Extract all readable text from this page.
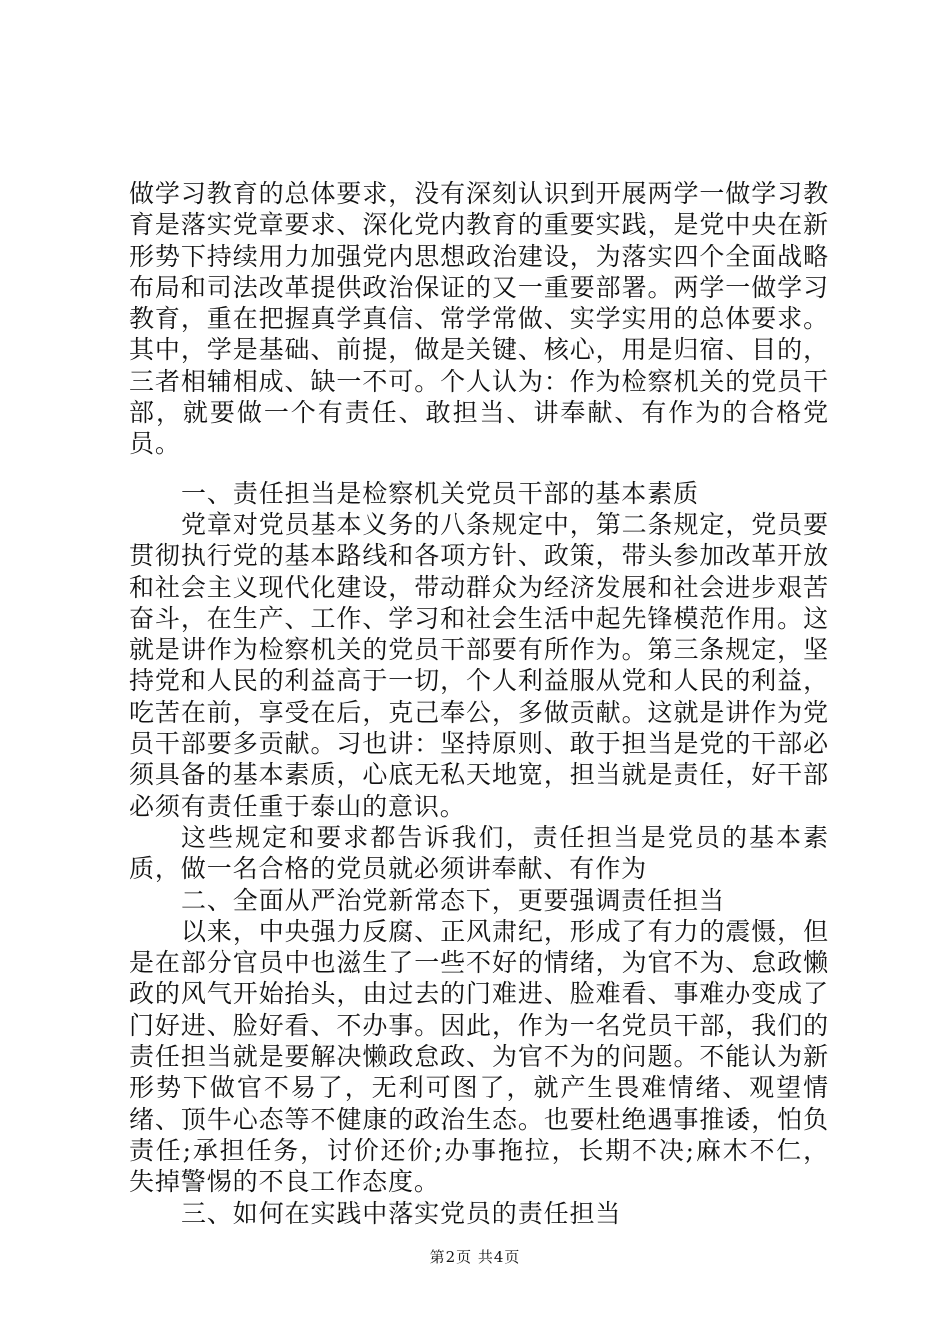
做学习教育的总体要求，没有深刻认识到开展两学一做学习教育是落实党章要求、深化党内教育的重要实践，是党中央在新形势下持续用力加强党内思想政治建设，为落实四个全面战略布局和司法改革提供政治保证的又一重要部署。两学一做学习教育，重在把握真学真信、常学常做、实学实用的总体要求。其中，学是基础、前提，做是关键、核心，用是归宿、目的，三者相辅相成、缺一不可。个人认为：作为检察机关的党员干部，就要做一个有责任、敢担当、讲奉献、有作为的合格党员。

一、责任担当是检察机关党员干部的基本素质

党章对党员基本义务的八条规定中，第二条规定，党员要贯彻执行党的基本路线和各项方针、政策，带头参加改革开放和社会主义现代化建设，带动群众为经济发展和社会进步艰苦奋斗，在生产、工作、学习和社会生活中起先锋模范作用。这就是讲作为检察机关的党员干部要有所作为。第三条规定，坚持党和人民的利益高于一切，个人利益服从党和人民的利益，吃苦在前，享受在后，克己奉公，多做贡献。这就是讲作为党员干部要多贡献。习也讲：坚持原则、敢于担当是党的干部必须具备的基本素质，心底无私天地宽，担当就是责任，好干部必须有责任重于泰山的意识。

这些规定和要求都告诉我们，责任担当是党员的基本素质，做一名合格的党员就必须讲奉献、有作为

二、全面从严治党新常态下，更要强调责任担当

以来，中央强力反腐、正风肃纪，形成了有力的震慑，但是在部分官员中也滋生了一些不好的情绪，为官不为、怠政懒政的风气开始抬头，由过去的门难进、脸难看、事难办变成了门好进、脸好看、不办事。因此，作为一名党员干部，我们的责任担当就是要解决懒政怠政、为官不为的问题。不能认为新形势下做官不易了，无利可图了，就产生畏难情绪、观望情绪、顶牛心态等不健康的政治生态。也要杜绝遇事推诿，怕负责任;承担任务，讨价还价;办事拖拉，长期不决;麻木不仁，失掉警惕的不良工作态度。

三、如何在实践中落实党员的责任担当

第2页 共4页
